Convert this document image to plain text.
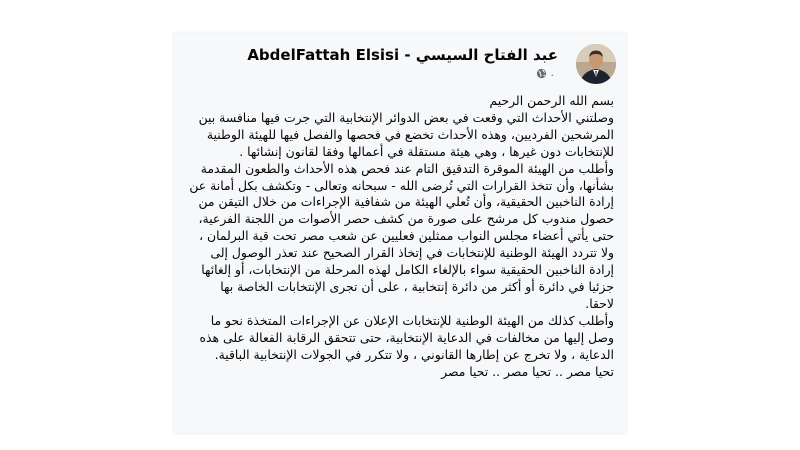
AbdelFattah Elsisi - عبد الفتاح السيسي
·

بسم الله الرحمن الرحيم

وصلتني الأحداث التي وقعت في بعض الدوائر الإنتخابية التي جرت فيها منافسة بين المرشحين الفرديين، وهذه الأحداث تخضع في فحصها والفصل فيها للهيئة الوطنية للإنتخابات دون غيرها ، وهي هيئة مستقلة في أعمالها وفقا لقانون إنشائها .

وأطلب من الهيئة الموقرة التدقيق التام عند فحص هذه الأحداث والطعون المقدمة بشأنها، وأن تتخذ القرارات التي تُرضى الله - سبحانه وتعالى - وتكشف بكل أمانة عن إرادة الناخبين الحقيقية، وأن تُعلي الهيئة من شفافية الإجراءات من خلال التيقن من حصول مندوب كل مرشح على صورة من كشف حصر الأصوات من اللجنة الفرعية، حتى يأتي أعضاء مجلس النواب ممثلين فعليين عن شعب مصر تحت قبة البرلمان ، ولا تتردد الهيئة الوطنية للإنتخابات في إتخاذ القرار الصحيح عند تعذر الوصول إلى إرادة الناخبين الحقيقية سواء بالإلغاء الكامل لهذه المرحلة من الإنتخابات، أو إلغائها جزئيا في دائرة أو أكثر من دائرة إنتخابية ، على أن تجرى الإنتخابات الخاصة بها لاحقا.

وأطلب كذلك من الهيئة الوطنية للإنتخابات الإعلان عن الإجراءات المتخذة نحو ما وصل إليها من مخالفات في الدعاية الإنتخابية، حتى تتحقق الرقابة الفعالة على هذه الدعاية ، ولا تخرج عن إطارها القانوني ، ولا تتكرر في الجولات الإنتخابية الباقية.

تحيا مصر .. تحيا مصر .. تحيا مصر
